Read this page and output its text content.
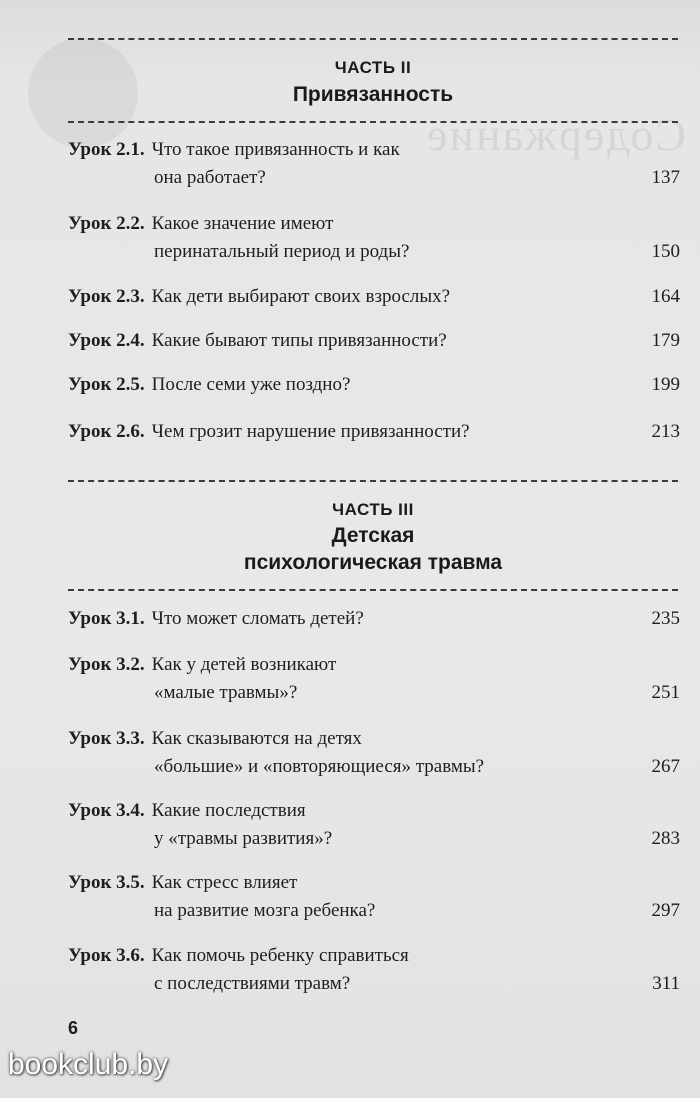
Содержание
ЧАСТЬ II
Привязанность
Урок 2.1. Что такое привязанность и как
она работает?	137
Урок 2.2. Какое значение имеют
перинатальный период и роды?	150
Урок 2.3. Как дети выбирают своих взрослых?	164
Урок 2.4. Какие бывают типы привязанности?	179
Урок 2.5. После семи уже поздно?	199
Урок 2.6. Чем грозит нарушение привязанности?	213
ЧАСТЬ III
Детская
психологическая травма
Урок 3.1. Что может сломать детей?	235
Урок 3.2. Как у детей возникают
«малые травмы»?	251
Урок 3.3. Как сказываются на детях
«большие» и «повторяющиеся» травмы?	267
Урок 3.4. Какие последствия
у «травмы развития»?	283
Урок 3.5. Как стресс влияет
на развитие мозга ребенка?	297
Урок 3.6. Как помочь ребенку справиться
с последствиями травм?	311
6
bookclub.by
